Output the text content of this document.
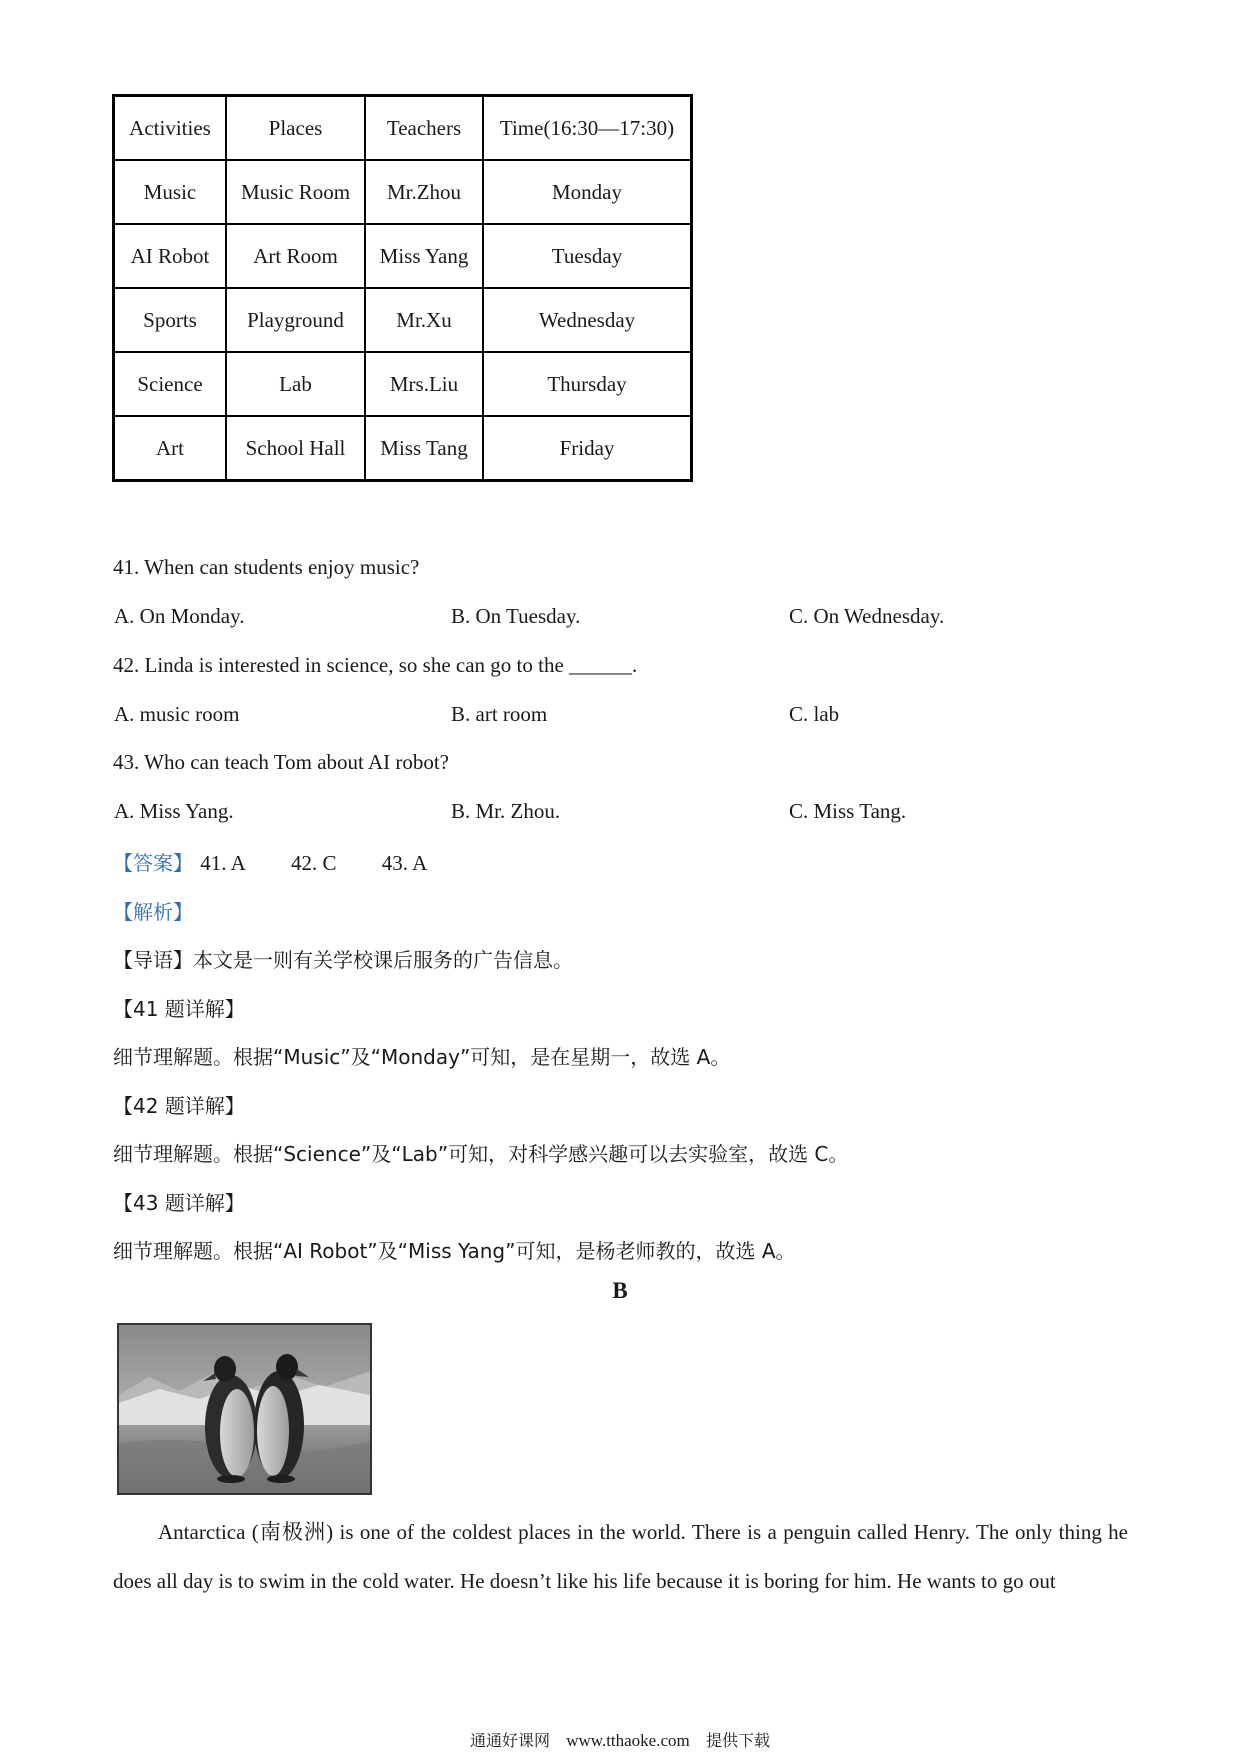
Activities	Places	Teachers	Time(16:30—17:30)
Music	Music Room	Mr.Zhou	Monday
AI Robot	Art Room	Miss Yang	Tuesday
Sports	Playground	Mr.Xu	Wednesday
Science	Lab	Mrs.Liu	Thursday
Art	School Hall	Miss Tang	Friday
41. When can students enjoy music?
A. On Monday.	B. On Tuesday.	C. On Wednesday.
42. Linda is interested in science, so she can go to the ______.
A. music room	B. art room	C. lab
43. Who can teach Tom about AI robot?
A. Miss Yang.	B. Mr. Zhou.	C. Miss Tang.
【答案】 41. A 42. C 43. A
【解析】
【导语】本文是一则有关学校课后服务的广告信息。
【41 题详解】
细节理解题。根据“Music”及“Monday”可知，是在星期一，故选 A。
【42 题详解】
细节理解题。根据“Science”及“Lab”可知，对科学感兴趣可以去实验室，故选 C。
【43 题详解】
细节理解题。根据“AI Robot”及“Miss Yang”可知，是杨老师教的，故选 A。
B
Antarctica (南极洲) is one of the coldest places in the world. There is a penguin called Henry. The only thing he does all day is to swim in the cold water. He doesn’t like his life because it is boring for him. He wants to go out
通通好课网 www.tthaoke.com 提供下载
